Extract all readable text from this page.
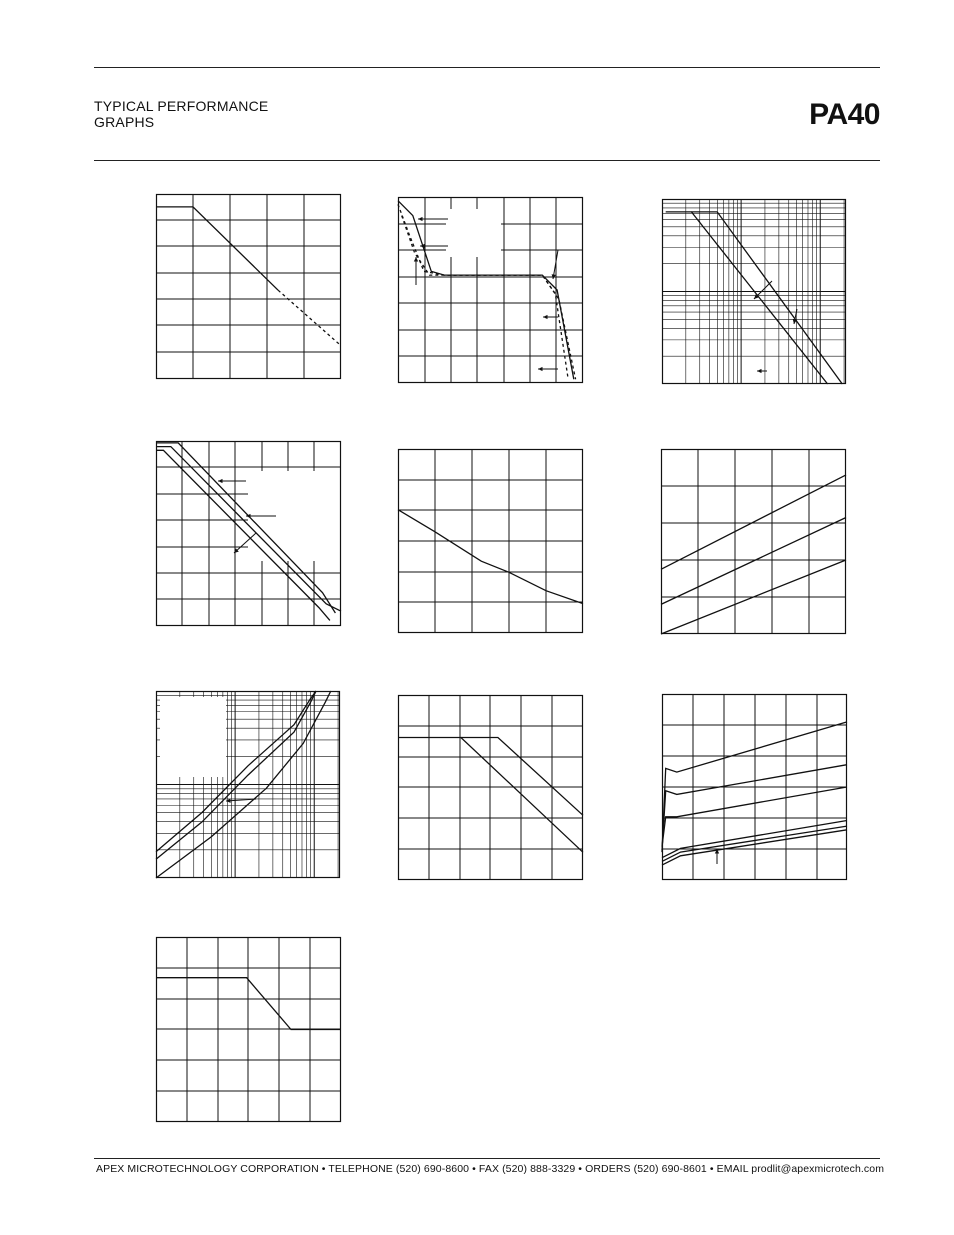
TYPICAL PERFORMANCE
GRAPHS	PA40
APEX MICROTECHNOLOGY CORPORATION • TELEPHONE (520) 690-8600 • FAX (520) 888-3329 • ORDERS (520) 690-8601 • EMAIL prodlit@apexmicrotech.com
